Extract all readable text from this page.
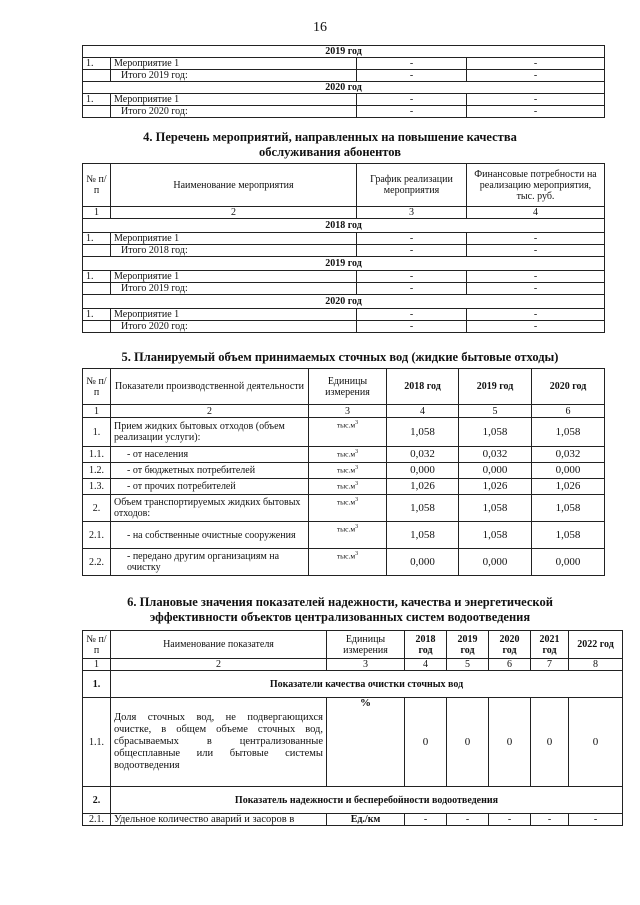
16
2019 год			
1.	Мероприятие 1	-	-
	Итого 2019 год:	-	-
2020 год			
1.	Мероприятие 1	-	-
	Итого 2020 год:	-	-
4. Перечень мероприятий, направленных на повышение качества
обслуживания абонентов
№ п/п	Наименование мероприятия	График реализации мероприятия	Финансовые потребности на реализацию мероприятия, тыс. руб.
1	2	3	4
2018 год			
1.	Мероприятие 1	-	-
	Итого 2018 год:	-	-
2019 год			
1.	Мероприятие 1	-	-
	Итого 2019 год:	-	-
2020 год			
1.	Мероприятие 1	-	-
	Итого 2020 год:	-	-
5. Планируемый объем принимаемых сточных вод (жидкие бытовые отходы)
№ п/п	Показатели производственной деятельности	Единицы измерения	2018 год	2019 год	2020 год
1	2	3	4	5	6
1.	Прием жидких бытовых отходов (объем реализации услуги):	$тыс.м^3$	1,058	1,058	1,058
1.1.	- от населения	$тыс.м^3$	0,032	0,032	0,032
1.2.	- от бюджетных потребителей	$тыс.м^3$	0,000	0,000	0,000
1.3.	- от прочих потребителей	$тыс.м^3$	1,026	1,026	1,026
2.	Объем транспортируемых жидких бытовых отходов:	$тыс.м^3$	1,058	1,058	1,058
2.1.	- на собственные очистные сооружения	$тыс.м^3$	1,058	1,058	1,058
2.2.	- передано другим организациям на очистку	$тыс.м^3$	0,000	0,000	0,000
6. Плановые значения показателей надежности, качества и энергетической
эффективности объектов централизованных систем водоотведения
№ п/п	Наименование показателя	Единицы измерения	2018 год	2019 год	2020 год	2021 год	2022 год
1	2	3	4	5	6	7	8
1.	Показатели качества очистки сточных вод						
1.1.	Доля сточных вод, не подвергающихся очистке, в общем объеме сточных вод, сбрасываемых в централизованные общесплавные или бытовые системы водоотведения	%	0	0	0	0	0
2.	Показатель надежности и бесперебойности водоотведения						
2.1.	Удельное количество аварий и засоров в	Ед./км	-	-	-	-	-
